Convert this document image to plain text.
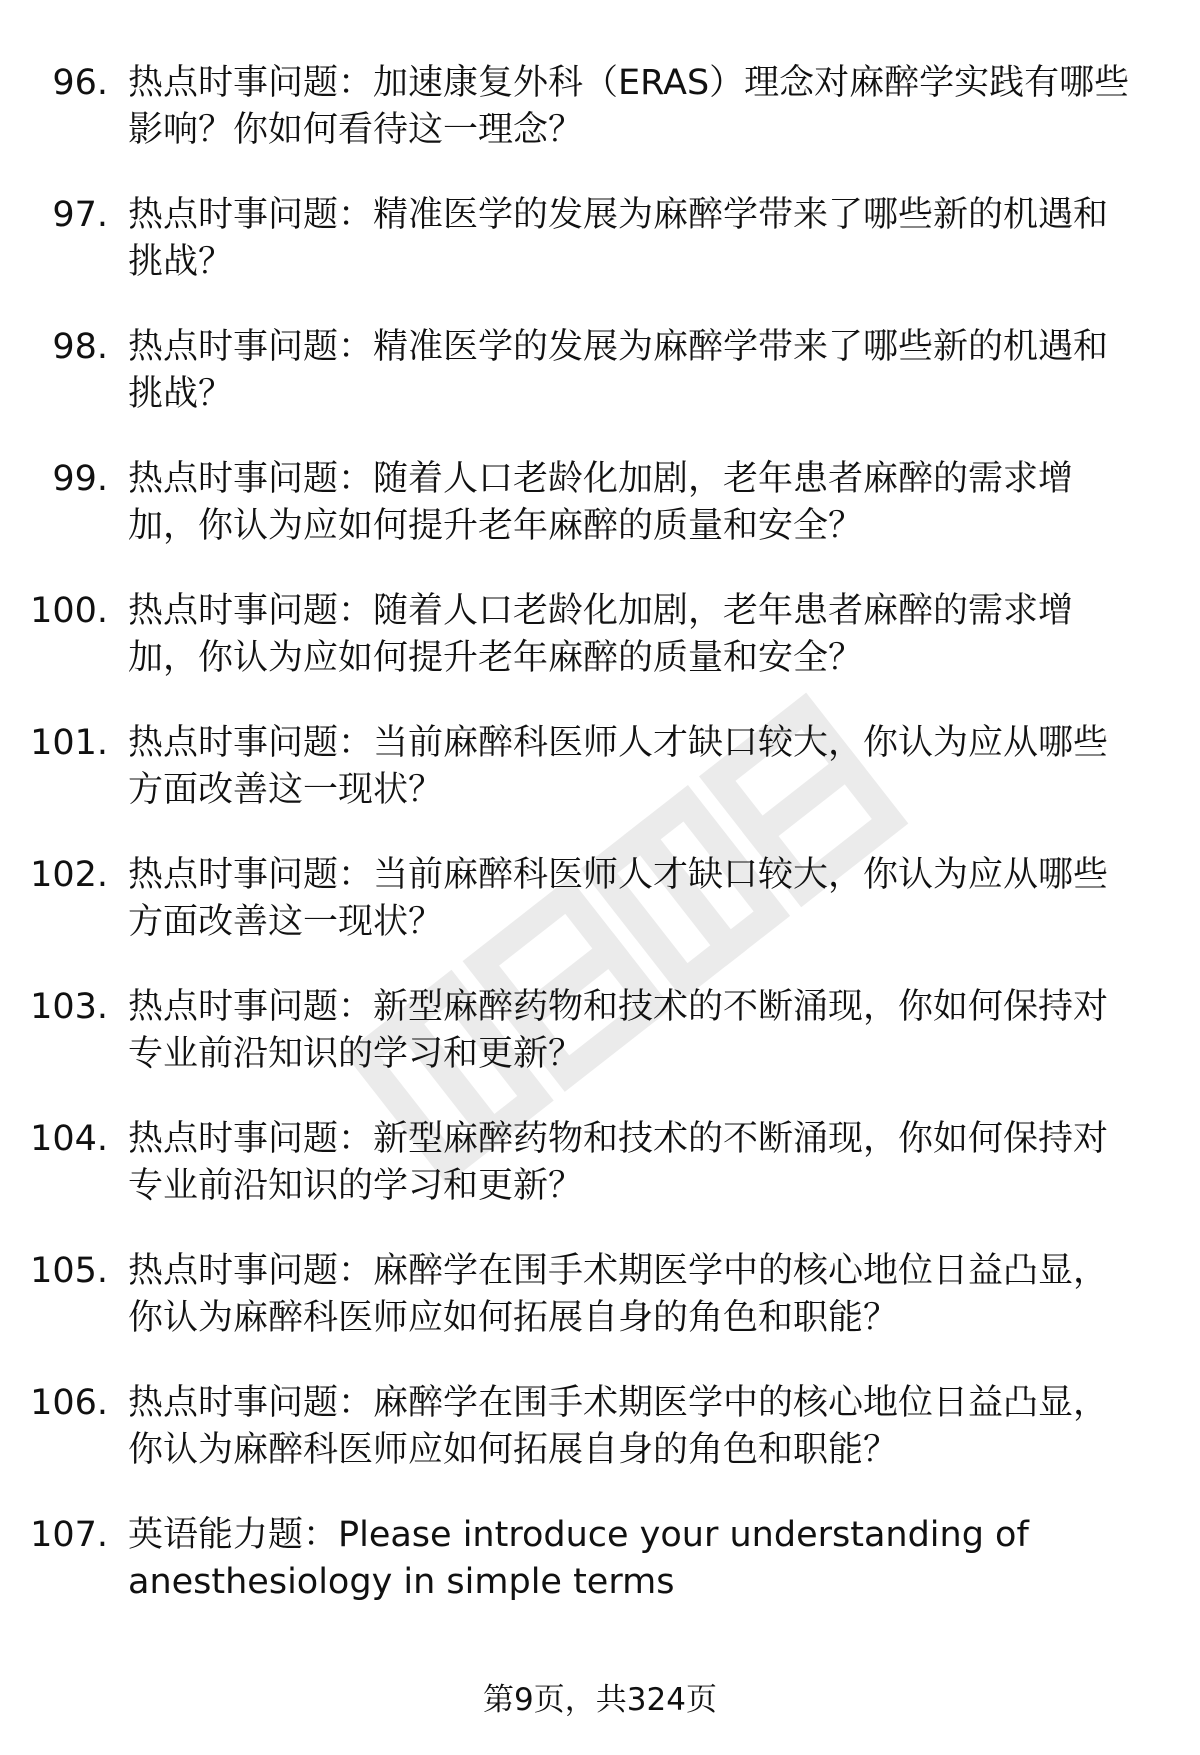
96. 热点时事问题：加速康复外科（ERAS）理念对麻醉学实践有哪些
影响？你如何看待这一理念？
97. 热点时事问题：精准医学的发展为麻醉学带来了哪些新的机遇和
挑战？
98. 热点时事问题：精准医学的发展为麻醉学带来了哪些新的机遇和
挑战？
99. 热点时事问题：随着人口老龄化加剧，老年患者麻醉的需求增
加，你认为应如何提升老年麻醉的质量和安全？
100. 热点时事问题：随着人口老龄化加剧，老年患者麻醉的需求增
加，你认为应如何提升老年麻醉的质量和安全？
101. 热点时事问题：当前麻醉科医师人才缺口较大，你认为应从哪些
方面改善这一现状？
102. 热点时事问题：当前麻醉科医师人才缺口较大，你认为应从哪些
方面改善这一现状？
103. 热点时事问题：新型麻醉药物和技术的不断涌现，你如何保持对
专业前沿知识的学习和更新？
104. 热点时事问题：新型麻醉药物和技术的不断涌现，你如何保持对
专业前沿知识的学习和更新？
105. 热点时事问题：麻醉学在围手术期医学中的核心地位日益凸显，
你认为麻醉科医师应如何拓展自身的角色和职能？
106. 热点时事问题：麻醉学在围手术期医学中的核心地位日益凸显，
你认为麻醉科医师应如何拓展自身的角色和职能？
107. 英语能力题：Please introduce your understanding of
anesthesiology in simple terms
第9页，共324页
